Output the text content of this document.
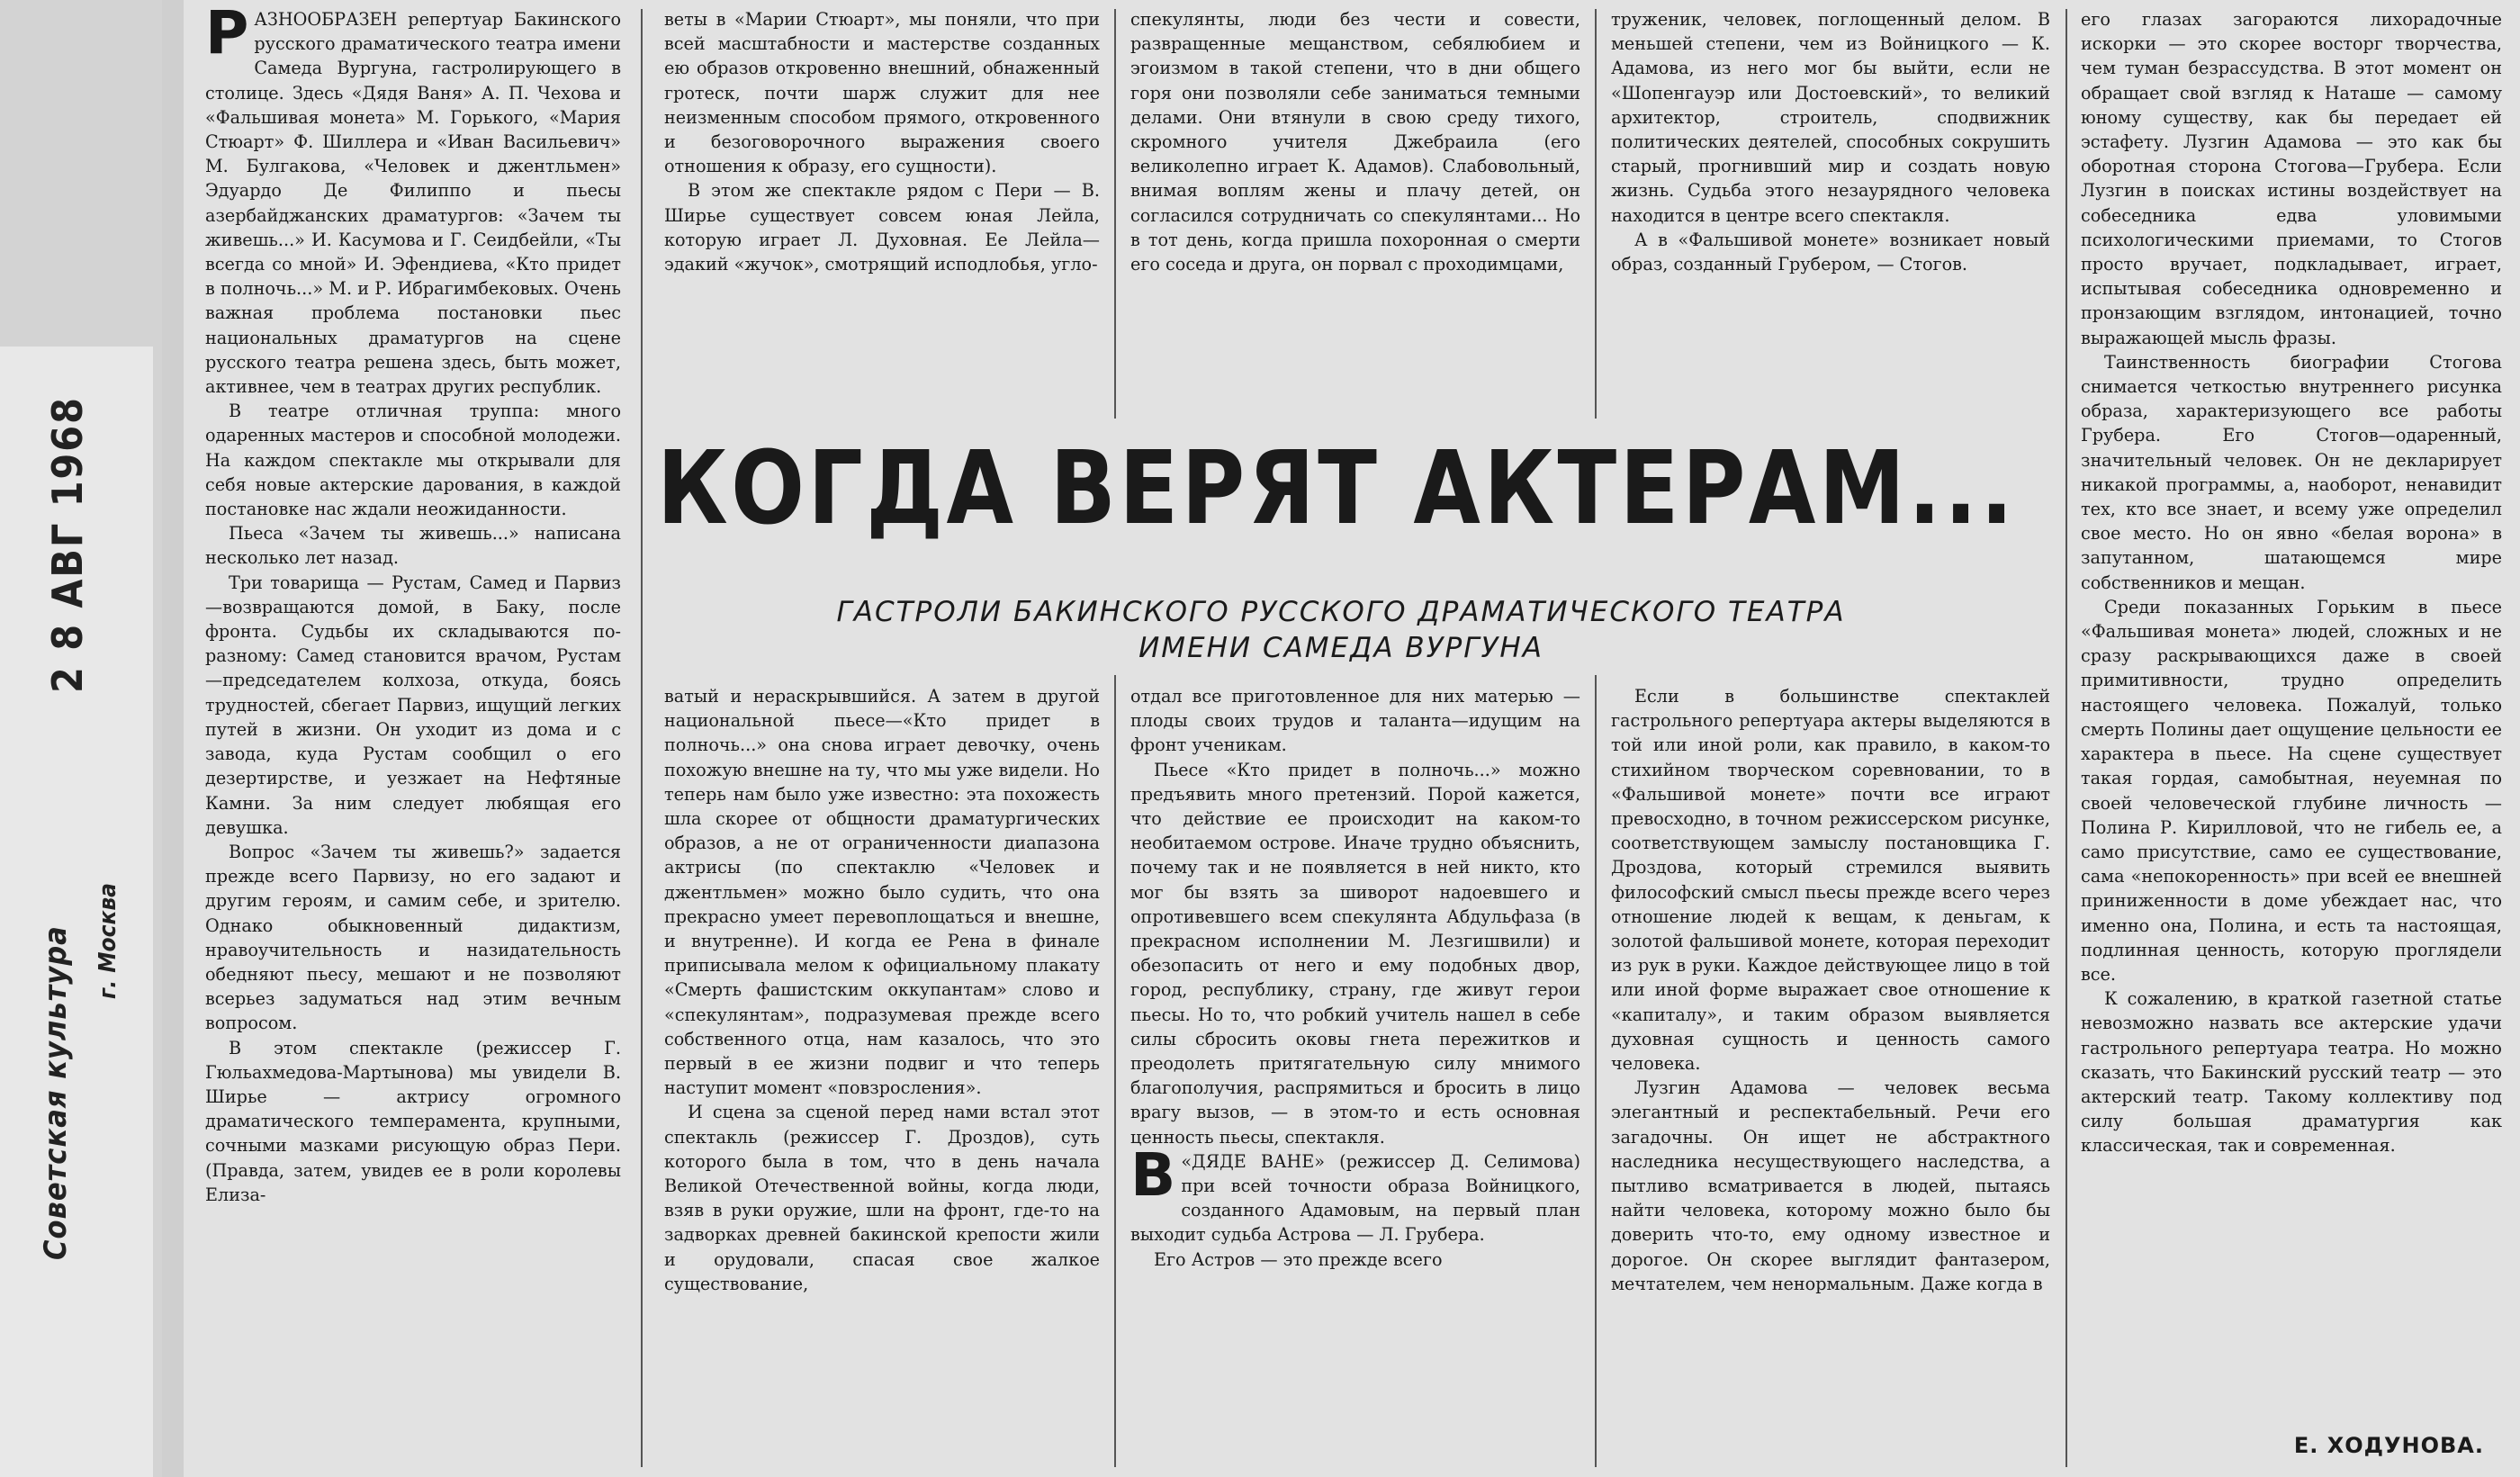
2 8 АВГ 1968
Советская культура г. Москва

РАЗНООБРАЗЕН репертуар Бакинского русского драматического театра имени Самеда Вургуна, гастролирующего в столице. Здесь «Дядя Ваня» А. П. Чехова и «Фальшивая монета» М. Горького, «Мария Стюарт» Ф. Шиллера и «Иван Васильевич» М. Булгакова, «Человек и джентльмен» Эдуардо Де Филиппо и пьесы азербайджанских драматургов: «Зачем ты живешь...» И. Касумова и Г. Сеидбейли, «Ты всегда со мной» И. Эфендиева, «Кто придет в полночь...» М. и Р. Ибрагимбековых. Очень важная проблема постановки пьес национальных драматургов на сцене русского театра решена здесь, быть может, активнее, чем в театрах других республик.

В театре отличная труппа: много одаренных мастеров и способной молодежи. На каждом спектакле мы открывали для себя новые актерские дарования, в каждой постановке нас ждали неожиданности.

Пьеса «Зачем ты живешь...» написана несколько лет назад.

Три товарища — Рустам, Самед и Парвиз—возвращаются домой, в Баку, после фронта. Судьбы их складываются по-разному: Самед становится врачом, Рустам—председателем колхоза, откуда, боясь трудностей, сбегает Парвиз, ищущий легких путей в жизни. Он уходит из дома и с завода, куда Рустам сообщил о его дезертирстве, и уезжает на Нефтяные Камни. За ним следует любящая его девушка.

Вопрос «Зачем ты живешь?» задается прежде всего Парвизу, но его задают и другим героям, и самим себе, и зрителю. Однако обыкновенный дидактизм, нравоучительность и назидательность обедняют пьесу, мешают и не позволяют всерьез задуматься над этим вечным вопросом.

В этом спектакле (режиссер Г. Гюльахмедова-Мартынова) мы увидели В. Ширье — актрису огромного драматического темперамента, крупными, сочными мазками рисующую образ Пери. (Правда, затем, увидев ее в роли королевы Елиза-

веты в «Марии Стюарт», мы поняли, что при всей масштабности и мастерстве созданных ею образов откровенно внешний, обнаженный гротеск, почти шарж служит для нее неизменным способом прямого, откровенного и безоговорочного выражения своего отношения к образу, его сущности).

В этом же спектакле рядом с Пери — В. Ширье существует совсем юная Лейла, которую играет Л. Духовная. Ее Лейла—эдакий «жучок», смотрящий исподлобья, угло-

спекулянты, люди без чести и совести, развращенные мещанством, себялюбием и эгоизмом в такой степени, что в дни общего горя они позволяли себе заниматься темными делами. Они втянули в свою среду тихого, скромного учителя Джебраила (его великолепно играет К. Адамов). Слабовольный, внимая воплям жены и плачу детей, он согласился сотрудничать со спекулянтами... Но в тот день, когда пришла похоронная о смерти его соседа и друга, он порвал с проходимцами,

труженик, человек, поглощенный делом. В меньшей степени, чем из Войницкого — К. Адамова, из него мог бы выйти, если не «Шопенгауэр или Достоевский», то великий архитектор, строитель, сподвижник политических деятелей, способных сокрушить старый, прогнивший мир и создать новую жизнь. Судьба этого незаурядного человека находится в центре всего спектакля.

А в «Фальшивой монете» возникает новый образ, созданный Грубером, — Стогов.

КОГДА ВЕРЯТ АКТЕРАМ...
ГАСТРОЛИ БАКИНСКОГО РУССКОГО ДРАМАТИЧЕСКОГО ТЕАТРА
ИМЕНИ САМЕДА ВУРГУНА

ватый и нераскрывшийся. А затем в другой национальной пьесе—«Кто придет в полночь...» она снова играет девочку, очень похожую внешне на ту, что мы уже видели. Но теперь нам было уже известно: эта похожесть шла скорее от общности драматургических образов, а не от ограниченности диапазона актрисы (по спектаклю «Человек и джентльмен» можно было судить, что она прекрасно умеет перевоплощаться и внешне, и внутренне). И когда ее Рена в финале приписывала мелом к официальному плакату «Смерть фашистским оккупантам» слово и «спекулянтам», подразумевая прежде всего собственного отца, нам казалось, что это первый в ее жизни подвиг и что теперь наступит момент «повзросления».

И сцена за сценой перед нами встал этот спектакль (режиссер Г. Дроздов), суть которого была в том, что в день начала Великой Отечественной войны, когда люди, взяв в руки оружие, шли на фронт, где-то на задворках древней бакинской крепости жили и орудовали, спасая свое жалкое существование,

отдал все приготовленное для них матерью — плоды своих трудов и таланта—идущим на фронт ученикам.

Пьесе «Кто придет в полночь...» можно предъявить много претензий. Порой кажется, что действие ее происходит на каком-то необитаемом острове. Иначе трудно объяснить, почему так и не появляется в ней никто, кто мог бы взять за шиворот надоевшего и опротивевшего всем спекулянта Абдульфаза (в прекрасном исполнении М. Лезгишвили) и обезопасить от него и ему подобных двор, город, республику, страну, где живут герои пьесы. Но то, что робкий учитель нашел в себе силы сбросить оковы гнета пережитков и преодолеть притягательную силу мнимого благополучия, распрямиться и бросить в лицо врагу вызов, — в этом-то и есть основная ценность пьесы, спектакля.

В «ДЯДЕ ВАНЕ» (режиссер Д. Селимова) при всей точности образа Войницкого, созданного Адамовым, на первый план выходит судьба Астрова — Л. Грубера.

Его Астров — это прежде всего

Если в большинстве спектаклей гастрольного репертуара актеры выделяются в той или иной роли, как правило, в каком-то стихийном творческом соревновании, то в «Фальшивой монете» почти все играют превосходно, в точном режиссерском рисунке, соответствующем замыслу постановщика Г. Дроздова, который стремился выявить философский смысл пьесы прежде всего через отношение людей к вещам, к деньгам, к золотой фальшивой монете, которая переходит из рук в руки. Каждое действующее лицо в той или иной форме выражает свое отношение к «капиталу», и таким образом выявляется духовная сущность и ценность самого человека.

Лузгин Адамова — человек весьма элегантный и респектабельный. Речи его загадочны. Он ищет не абстрактного наследника несуществующего наследства, а пытливо всматривается в людей, пытаясь найти человека, которому можно было бы доверить что-то, ему одному известное и дорогое. Он скорее выглядит фантазером, мечтателем, чем ненормальным. Даже когда в

его глазах загораются лихорадочные искорки — это скорее восторг творчества, чем туман безрассудства. В этот момент он обращает свой взгляд к Наташе — самому юному существу, как бы передает ей эстафету. Лузгин Адамова — это как бы оборотная сторона Стогова—Грубера. Если Лузгин в поисках истины воздействует на собеседника едва уловимыми психологическими приемами, то Стогов просто вручает, подкладывает, играет, испытывая собеседника одновременно и пронзающим взглядом, интонацией, точно выражающей мысль фразы.

Таинственность биографии Стогова снимается четкостью внутреннего рисунка образа, характеризующего все работы Грубера. Его Стогов—одаренный, значительный человек. Он не декларирует никакой программы, а, наоборот, ненавидит тех, кто все знает, и всему уже определил свое место. Но он явно «белая ворона» в запутанном, шатающемся мире собственников и мещан.

Среди показанных Горьким в пьесе «Фальшивая монета» людей, сложных и не сразу раскрывающихся даже в своей примитивности, трудно определить настоящего человека. Пожалуй, только смерть Полины дает ощущение цельности ее характера в пьесе. На сцене существует такая гордая, самобытная, неуемная по своей человеческой глубине личность — Полина Р. Кирилловой, что не гибель ее, а само присутствие, само ее существование, сама «непокоренность» при всей ее внешней приниженности в доме убеждает нас, что именно она, Полина, и есть та настоящая, подлинная ценность, которую проглядели все.

К сожалению, в краткой газетной статье невозможно назвать все актерские удачи гастрольного репертуара театра. Но можно сказать, что Бакинский русский театр — это актерский театр. Такому коллективу под силу большая драматургия как классическая, так и современная.

Е. ХОДУНОВА.
